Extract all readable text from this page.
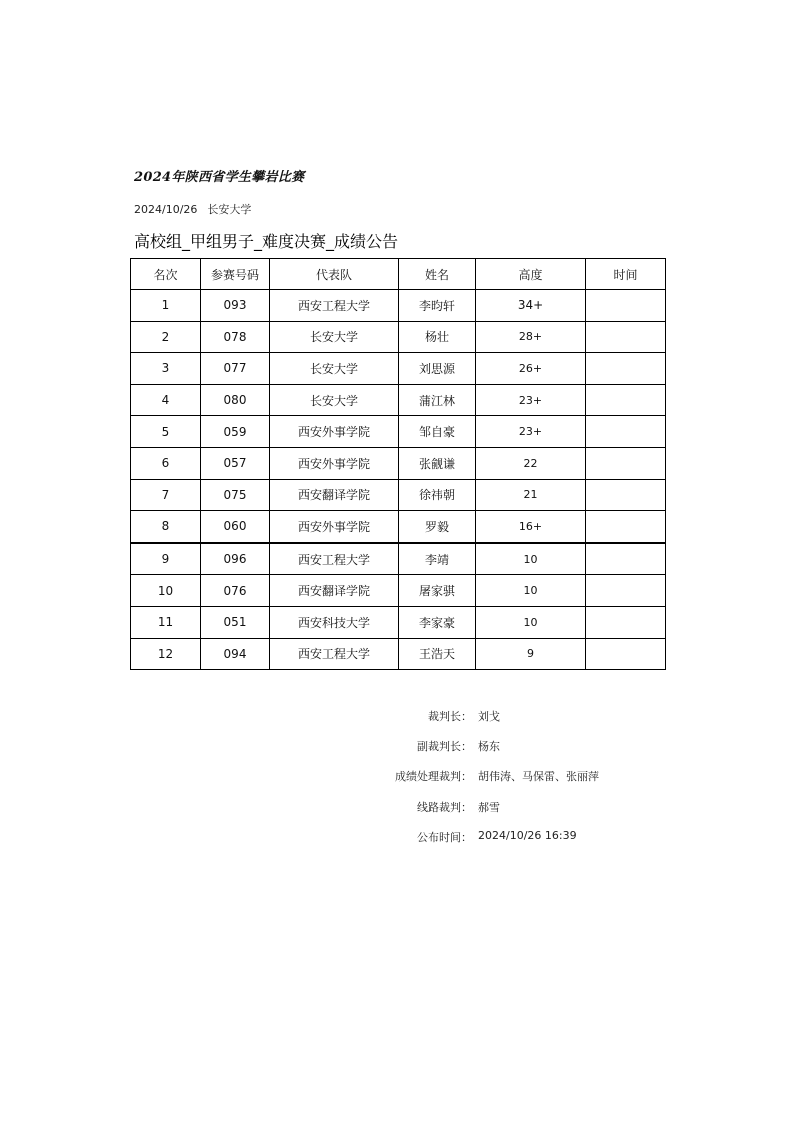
2024年陕西省学生攀岩比赛
2024/10/26 长安大学
高校组_甲组男子_难度决赛_成绩公告
名次	参赛号码	代表队	姓名	高度	时间
1	093	西安工程大学	李昀轩	34+	
2	078	长安大学	杨壮	28+	
3	077	长安大学	刘思源	26+	
4	080	长安大学	蒲江林	23+	
5	059	西安外事学院	邹自豪	23+	
6	057	西安外事学院	张觎谦	22	
7	075	西安翻译学院	徐祎朝	21	
8	060	西安外事学院	罗毅	16+	
9	096	西安工程大学	李靖	10	
10	076	西安翻译学院	屠家骐	10	
11	051	西安科技大学	李家豪	10	
12	094	西安工程大学	王浩天	9	
裁判长： 刘戈
副裁判长： 杨东
成绩处理裁判： 胡伟涛、马保雷、张丽萍
线路裁判： 郝雪
公布时间： 2024/10/26 16:39
